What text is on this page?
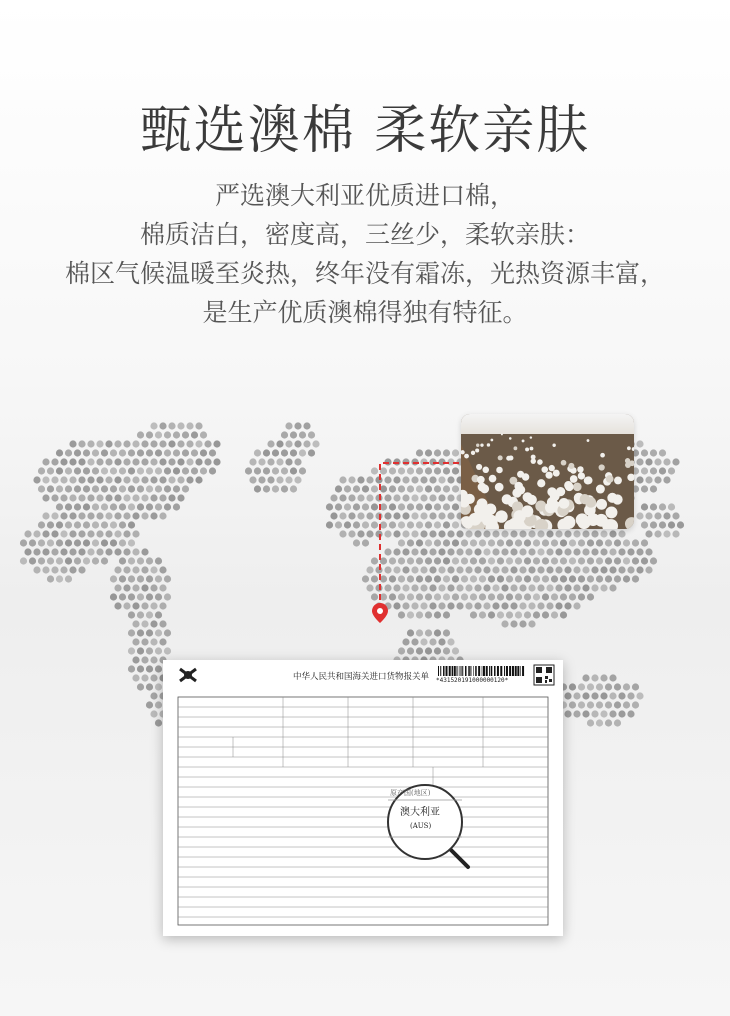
甄选澳棉 柔软亲肤
严选澳大利亚优质进口棉，
棉质洁白，密度高，三丝少，柔软亲肤：
棉区气候温暖至炎热，终年没有霜冻，光热资源丰富，
是生产优质澳棉得独有特征。
中华人民共和国海关进口货物报关单 *431520191000000120*
原产国(地区)
澳大利亚
(AUS)
